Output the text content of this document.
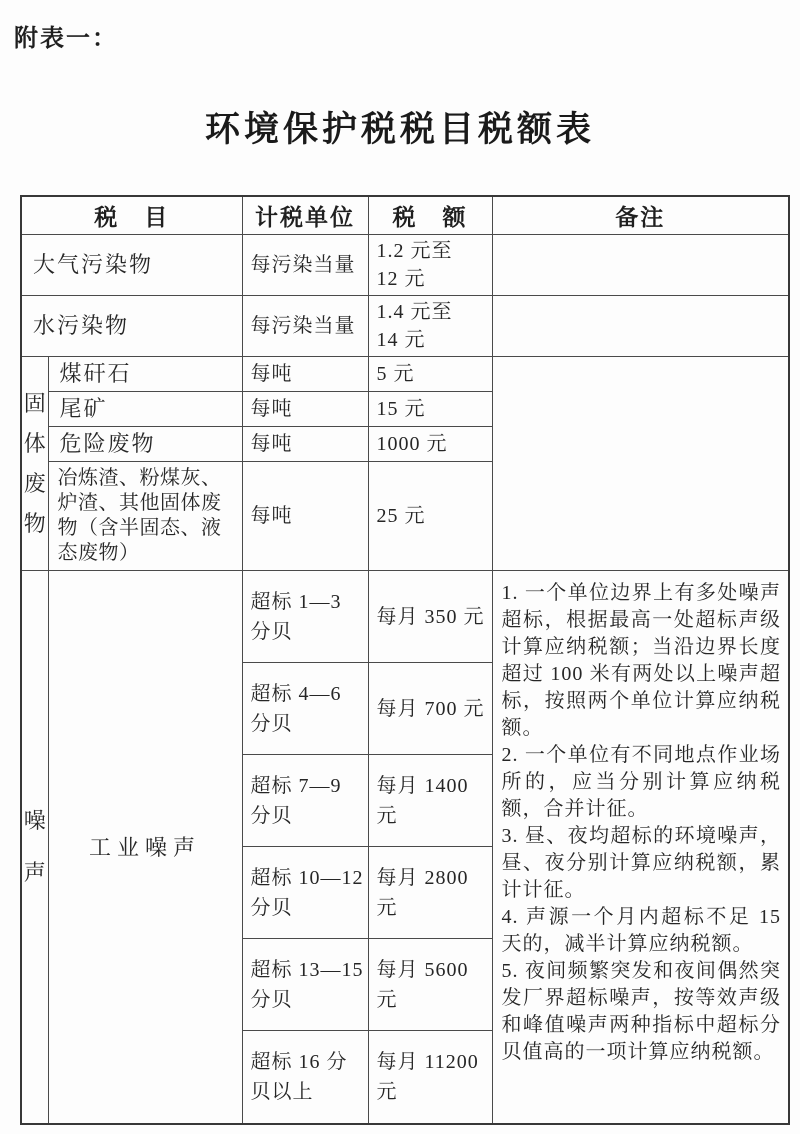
附表一：
环境保护税税目税额表
税　目		计税单位	税　额	备注
大气污染物		每污染当量	1.2 元至
12 元	

水污染物		每污染当量	1.4 元至
14 元	

固体废物	煤矸石	每吨	5 元	
	尾矿	每吨	15 元	
	危险废物	每吨	1000 元	
	冶炼渣、粉煤灰、炉渣、其他固体废物（含半固态、液态废物）	每吨	25 元	

噪声	工业噪声	超标 1—3 分贝	每月 350 元	1. 一个单位边界上有多处噪声超标，根据最高一处超标声级计算应纳税额；当沿边界长度超过 100 米有两处以上噪声超标，按照两个单位计算应纳税额。

2. 一个单位有不同地点作业场所的，应当分别计算应纳税额，合并计征。

3. 昼、夜均超标的环境噪声，昼、夜分别计算应纳税额，累计计征。

4. 声源一个月内超标不足 15 天的，减半计算应纳税额。

5. 夜间频繁突发和夜间偶然突发厂界超标噪声，按等效声级和峰值噪声两种指标中超标分贝值高的一项计算应纳税额。

		超标 4—6 分贝	每月 700 元	
		超标 7—9 分贝	每月 1400 元	
		超标 10—12 分贝	每月 2800 元	
		超标 13—15 分贝	每月 5600 元	
		超标 16 分贝以上	每月 11200 元	
